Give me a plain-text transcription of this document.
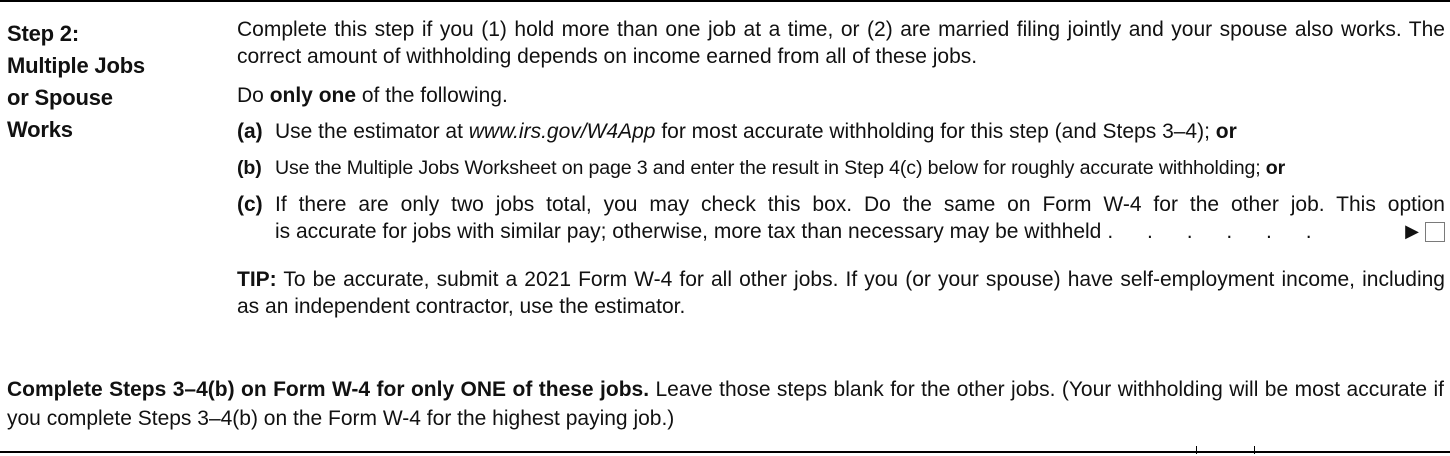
Step 2:
Multiple Jobs
or Spouse
Works

Complete this step if you (1) hold more than one job at a time, or (2) are married filing jointly and your spouse also works. The correct amount of withholding depends on income earned from all of these jobs.

Do only one of the following.

(a) Use the estimator at www.irs.gov/W4App for most accurate withholding for this step (and Steps 3–4); or
(b) Use the Multiple Jobs Worksheet on page 3 and enter the result in Step 4(c) below for roughly accurate withholding; or
(c) If there are only two jobs total, you may check this box. Do the same on Form W-4 for the other job. This option
is accurate for jobs with similar pay; otherwise, more tax than necessary may be withheld . . . . . .	▶

TIP: To be accurate, submit a 2021 Form W-4 for all other jobs. If you (or your spouse) have self-employment income, including as an independent contractor, use the estimator.

Complete Steps 3–4(b) on Form W-4 for only ONE of these jobs. Leave those steps blank for the other jobs. (Your withholding will be most accurate if you complete Steps 3–4(b) on the Form W-4 for the highest paying job.)
